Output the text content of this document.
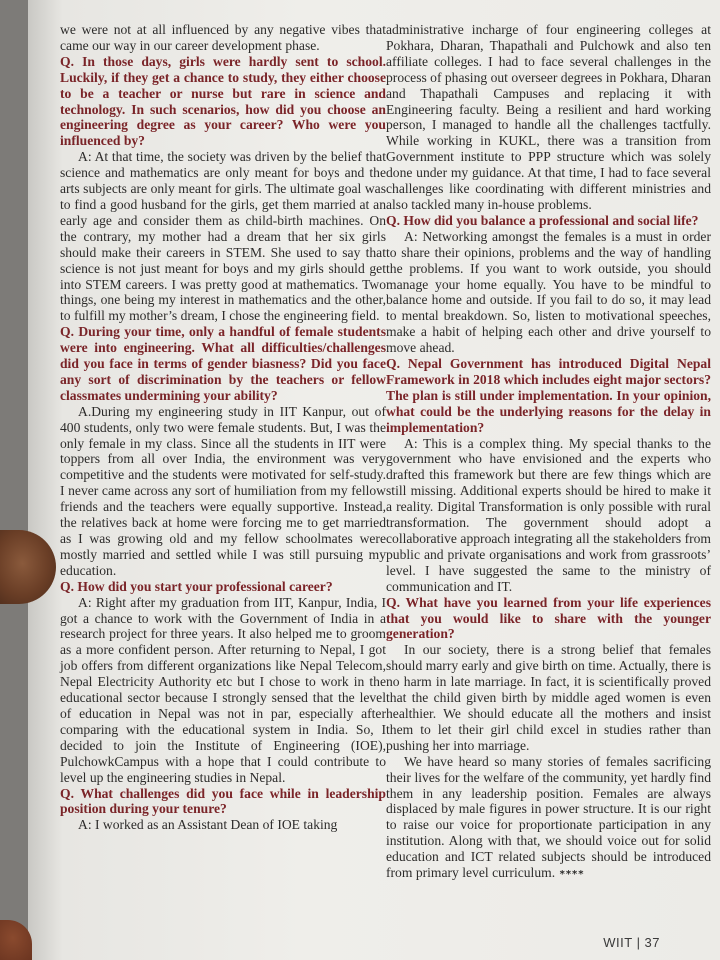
we were not at all influenced by any negative vibes that came our way in our career development phase.

Q. In those days, girls were hardly sent to school. Luckily, if they get a chance to study, they either choose to be a teacher or nurse but rare in science and technology. In such scenarios, how did you choose an engineering degree as your career? Who were you influenced by?

A: At that time, the society was driven by the belief that science and mathematics are only meant for boys and the arts subjects are only meant for girls. The ultimate goal was to find a good husband for the girls, get them married at an early age and consider them as child-birth machines. On the contrary, my mother had a dream that her six girls should make their careers in STEM. She used to say that science is not just meant for boys and my girls should get into STEM careers. I was pretty good at mathematics. Two things, one being my interest in mathematics and the other, to fulfill my mother’s dream, I chose the engineering field.

Q. During your time, only a handful of female students were into engineering. What all difficulties/challenges did you face in terms of gender biasness? Did you face any sort of discrimination by the teachers or fellow classmates undermining your ability?

A.During my engineering study in IIT Kanpur, out of 400 students, only two were female students. But, I was the only female in my class. Since all the students in IIT were toppers from all over India, the environment was very competitive and the students were motivated for self-study. I never came across any sort of humiliation from my fellow friends and the teachers were equally supportive. Instead, the relatives back at home were forcing me to get married as I was growing old and my fellow schoolmates were mostly married and settled while I was still pursuing my education.

Q. How did you start your professional career?

A: Right after my graduation from IIT, Kanpur, India, I got a chance to work with the Government of India in a research project for three years. It also helped me to groom as a more confident person. After returning to Nepal, I got job offers from different organizations like Nepal Telecom, Nepal Electricity Authority etc but I chose to work in the educational sector because I strongly sensed that the level of education in Nepal was not in par, especially after comparing with the educational system in India. So, I decided to join the Institute of Engineering (IOE), PulchowkCampus with a hope that I could contribute to level up the engineering studies in Nepal.

Q. What challenges did you face while in leadership position during your tenure?

A: I worked as an Assistant Dean of IOE taking

administrative incharge of four engineering colleges at Pokhara, Dharan, Thapathali and Pulchowk and also ten affiliate colleges. I had to face several challenges in the process of phasing out overseer degrees in Pokhara, Dharan and Thapathali Campuses and replacing it with Engineering faculty. Being a resilient and hard working person, I managed to handle all the challenges tactfully. While working in KUKL, there was a transition from Government institute to PPP structure which was solely done under my guidance. At that time, I had to face several challenges like coordinating with different ministries and also tackled many in-house problems.

Q. How did you balance a professional and social life?

A: Networking amongst the females is a must in order to share their opinions, problems and the way of handling the problems. If you want to work outside, you should manage your home equally. You have to be mindful to balance home and outside. If you fail to do so, it may lead to mental breakdown. So, listen to motivational speeches, make a habit of helping each other and drive yourself to move ahead.

Q. Nepal Government has introduced Digital Nepal Framework in 2018 which includes eight major sectors? The plan is still under implementation. In your opinion, what could be the underlying reasons for the delay in implementation?

A: This is a complex thing. My special thanks to the government who have envisioned and the experts who drafted this framework but there are few things which are still missing. Additional experts should be hired to make it a reality. Digital Transformation is only possible with rural transformation. The government should adopt a collaborative approach integrating all the stakeholders from public and private organisations and work from grassroots’ level. I have suggested the same to the ministry of communication and IT.

Q. What have you learned from your life experiences that you would like to share with the younger generation?

In our society, there is a strong belief that females should marry early and give birth on time. Actually, there is no harm in late marriage. In fact, it is scientifically proved that the child given birth by middle aged women is even healthier. We should educate all the mothers and insist them to let their girl child excel in studies rather than pushing her into marriage.

We have heard so many stories of females sacrificing their lives for the welfare of the community, yet hardly find them in any leadership position. Females are always displaced by male figures in power structure. It is our right to raise our voice for proportionate participation in any institution. Along with that, we should voice out for solid education and ICT related subjects should be introduced from primary level curriculum. ****

WIIT | 37
